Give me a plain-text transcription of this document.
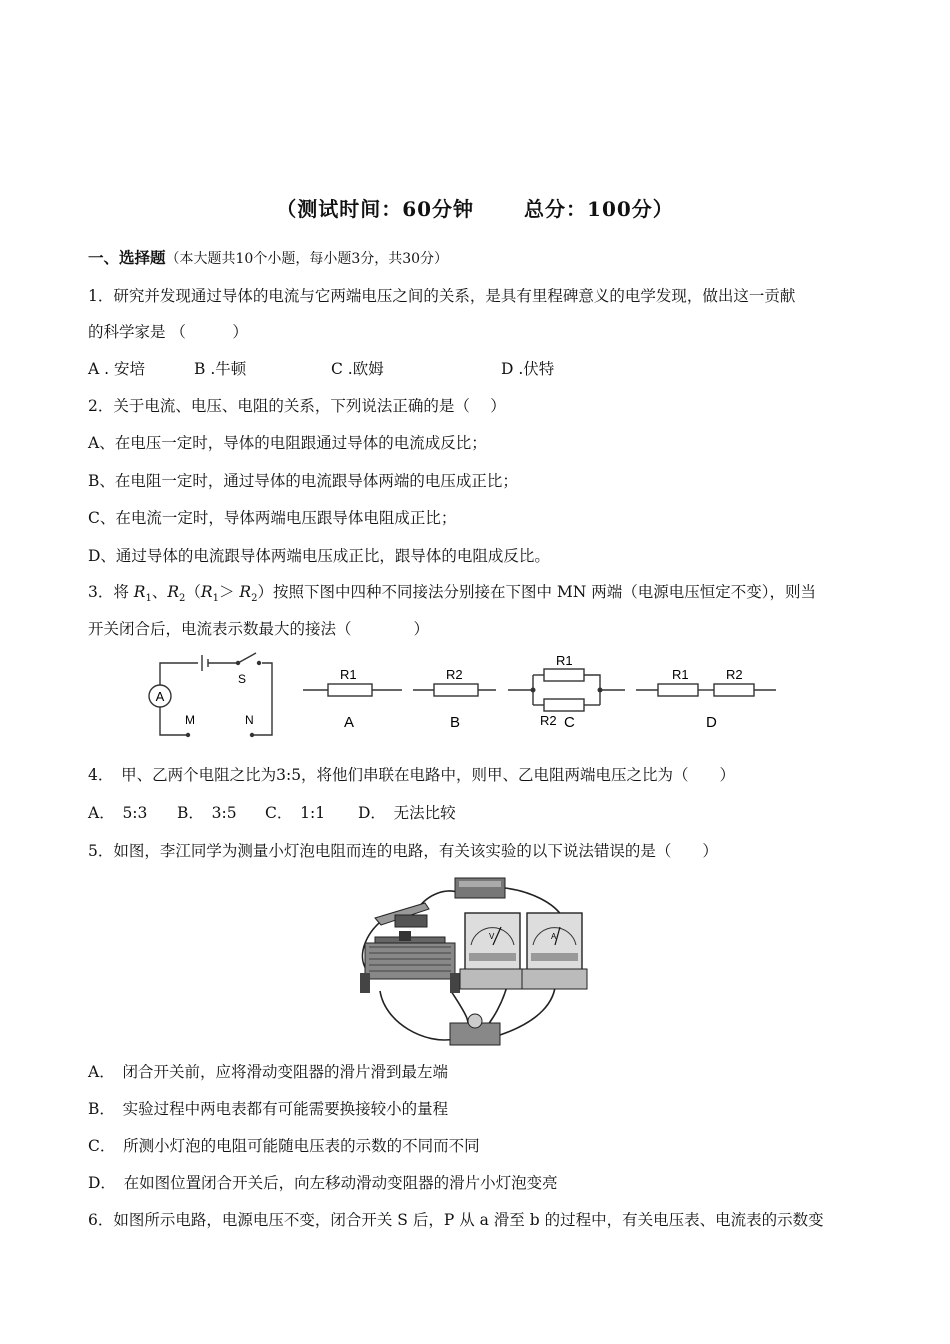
（测试时间：60分钟	总分：100分）
一、选择题（本大题共10个小题，每小题3分，共30分）
1．研究并发现通过导体的电流与它两端电压之间的关系，是具有里程碑意义的电学发现，做出这一贡献
的科学家是 （　　　）
A . 安培	B .牛顿	C .欧姆	D .伏特
2．关于电流、电压、电阻的关系，下列说法正确的是（　 ）
A、在电压一定时，导体的电阻跟通过导体的电流成反比；
B、在电阻一定时，通过导体的电流跟导体两端的电压成正比；
C、在电流一定时，导体两端电压跟导体电阻成正比；
D、通过导体的电流跟导体两端电压成正比，跟导体的电阻成反比。
3．将 $R_1$、$R_2(R_1> R_2)$按照下图中四种不同接法分别接在下图中 MN 两端（电源电压恒定不变），则当
开关闭合后，电流表示数最大的接法（　　　　）
A
S
M	N
R1
A
R2
B
R1
R2 C
R1	R2
D
4．　甲、乙两个电阻之比为3:5，将他们串联在电路中，则甲、乙电阻两端电压之比为（　　）
A．　5:3 B．　3:5 C．　1:1 D．　无法比较
5．如图，李江同学为测量小灯泡电阻而连的电路，有关该实验的以下说法错误的是（　　）
V	A
A．　闭合开关前，应将滑动变阻器的滑片滑到最左端
B．　实验过程中两电表都有可能需要换接较小的量程
C．　所测小灯泡的电阻可能随电压表的示数的不同而不同
D．　在如图位置闭合开关后，向左移动滑动变阻器的滑片小灯泡变亮
6．如图所示电路，电源电压不变，闭合开关 S 后，P 从 a 滑至 b 的过程中，有关电压表、电流表的示数变
